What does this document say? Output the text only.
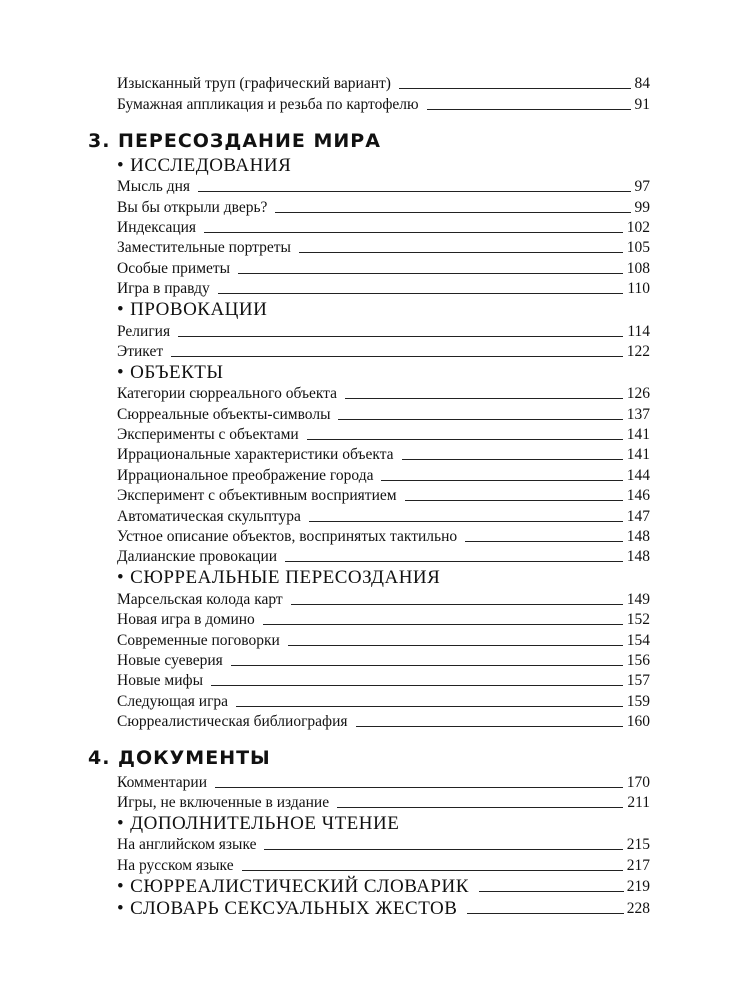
Изысканный труп (графический вариант)	84
Бумажная аппликация и резьба по картофелю	91
3. ПЕРЕСОЗДАНИЕ МИРА
• ИССЛЕДОВАНИЯ
Мысль дня	97
Вы бы открыли дверь?	99
Индексация	102
Заместительные портреты	105
Особые приметы	108
Игра в правду	110
• ПРОВОКАЦИИ
Религия	114
Этикет	122
• ОБЪЕКТЫ
Категории сюрреального объекта	126
Сюрреальные объекты-символы	137
Эксперименты с объектами	141
Иррациональные характеристики объекта	141
Иррациональное преображение города	144
Эксперимент с объективным восприятием	146
Автоматическая скульптура	147
Устное описание объектов, воспринятых тактильно	148
Далианские провокации	148
• СЮРРЕАЛЬНЫЕ ПЕРЕСОЗДАНИЯ
Марсельская колода карт	149
Новая игра в домино	152
Современные поговорки	154
Новые суеверия	156
Новые мифы	157
Следующая игра	159
Сюрреалистическая библиография	160
4. ДОКУМЕНТЫ
Комментарии	170
Игры, не включенные в издание	211
• ДОПОЛНИТЕЛЬНОЕ ЧТЕНИЕ
На английском языке	215
На русском языке	217
• СЮРРЕАЛИСТИЧЕСКИЙ СЛОВАРИК	219
• СЛОВАРЬ СЕКСУАЛЬНЫХ ЖЕСТОВ	228
